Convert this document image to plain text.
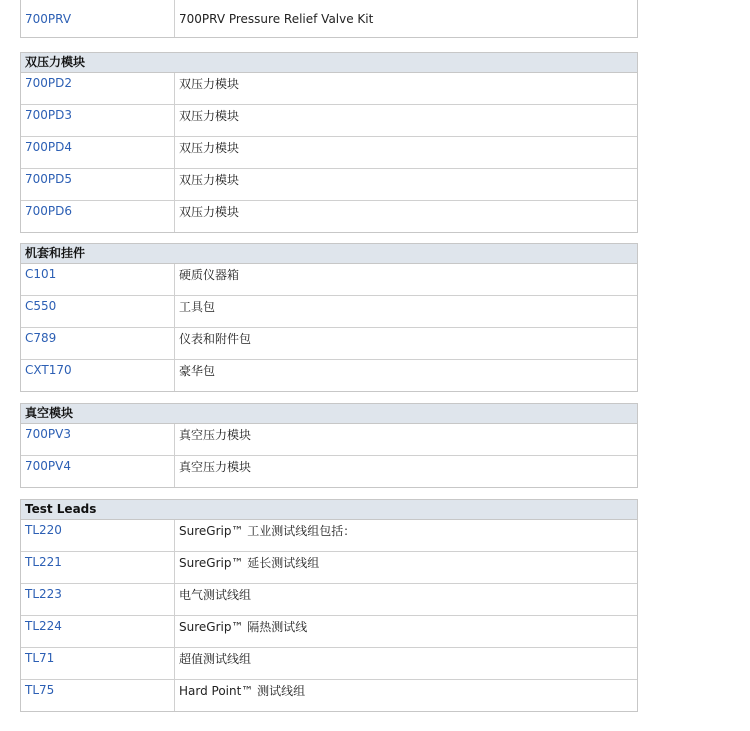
700PRV	700PRV Pressure Relief Valve Kit
双压力模块
700PD2	双压力模块
700PD3	双压力模块
700PD4	双压力模块
700PD5	双压力模块
700PD6	双压力模块
机套和挂件
C101	硬质仪器箱
C550	工具包
C789	仪表和附件包
CXT170	豪华包
真空模块
700PV3	真空压力模块
700PV4	真空压力模块
Test Leads
TL220	SureGrip™ 工业测试线组包括：
TL221	SureGrip™ 延长测试线组
TL223	电气测试线组
TL224	SureGrip™ 隔热测试线
TL71	超值测试线组
TL75	Hard Point™ 测试线组
